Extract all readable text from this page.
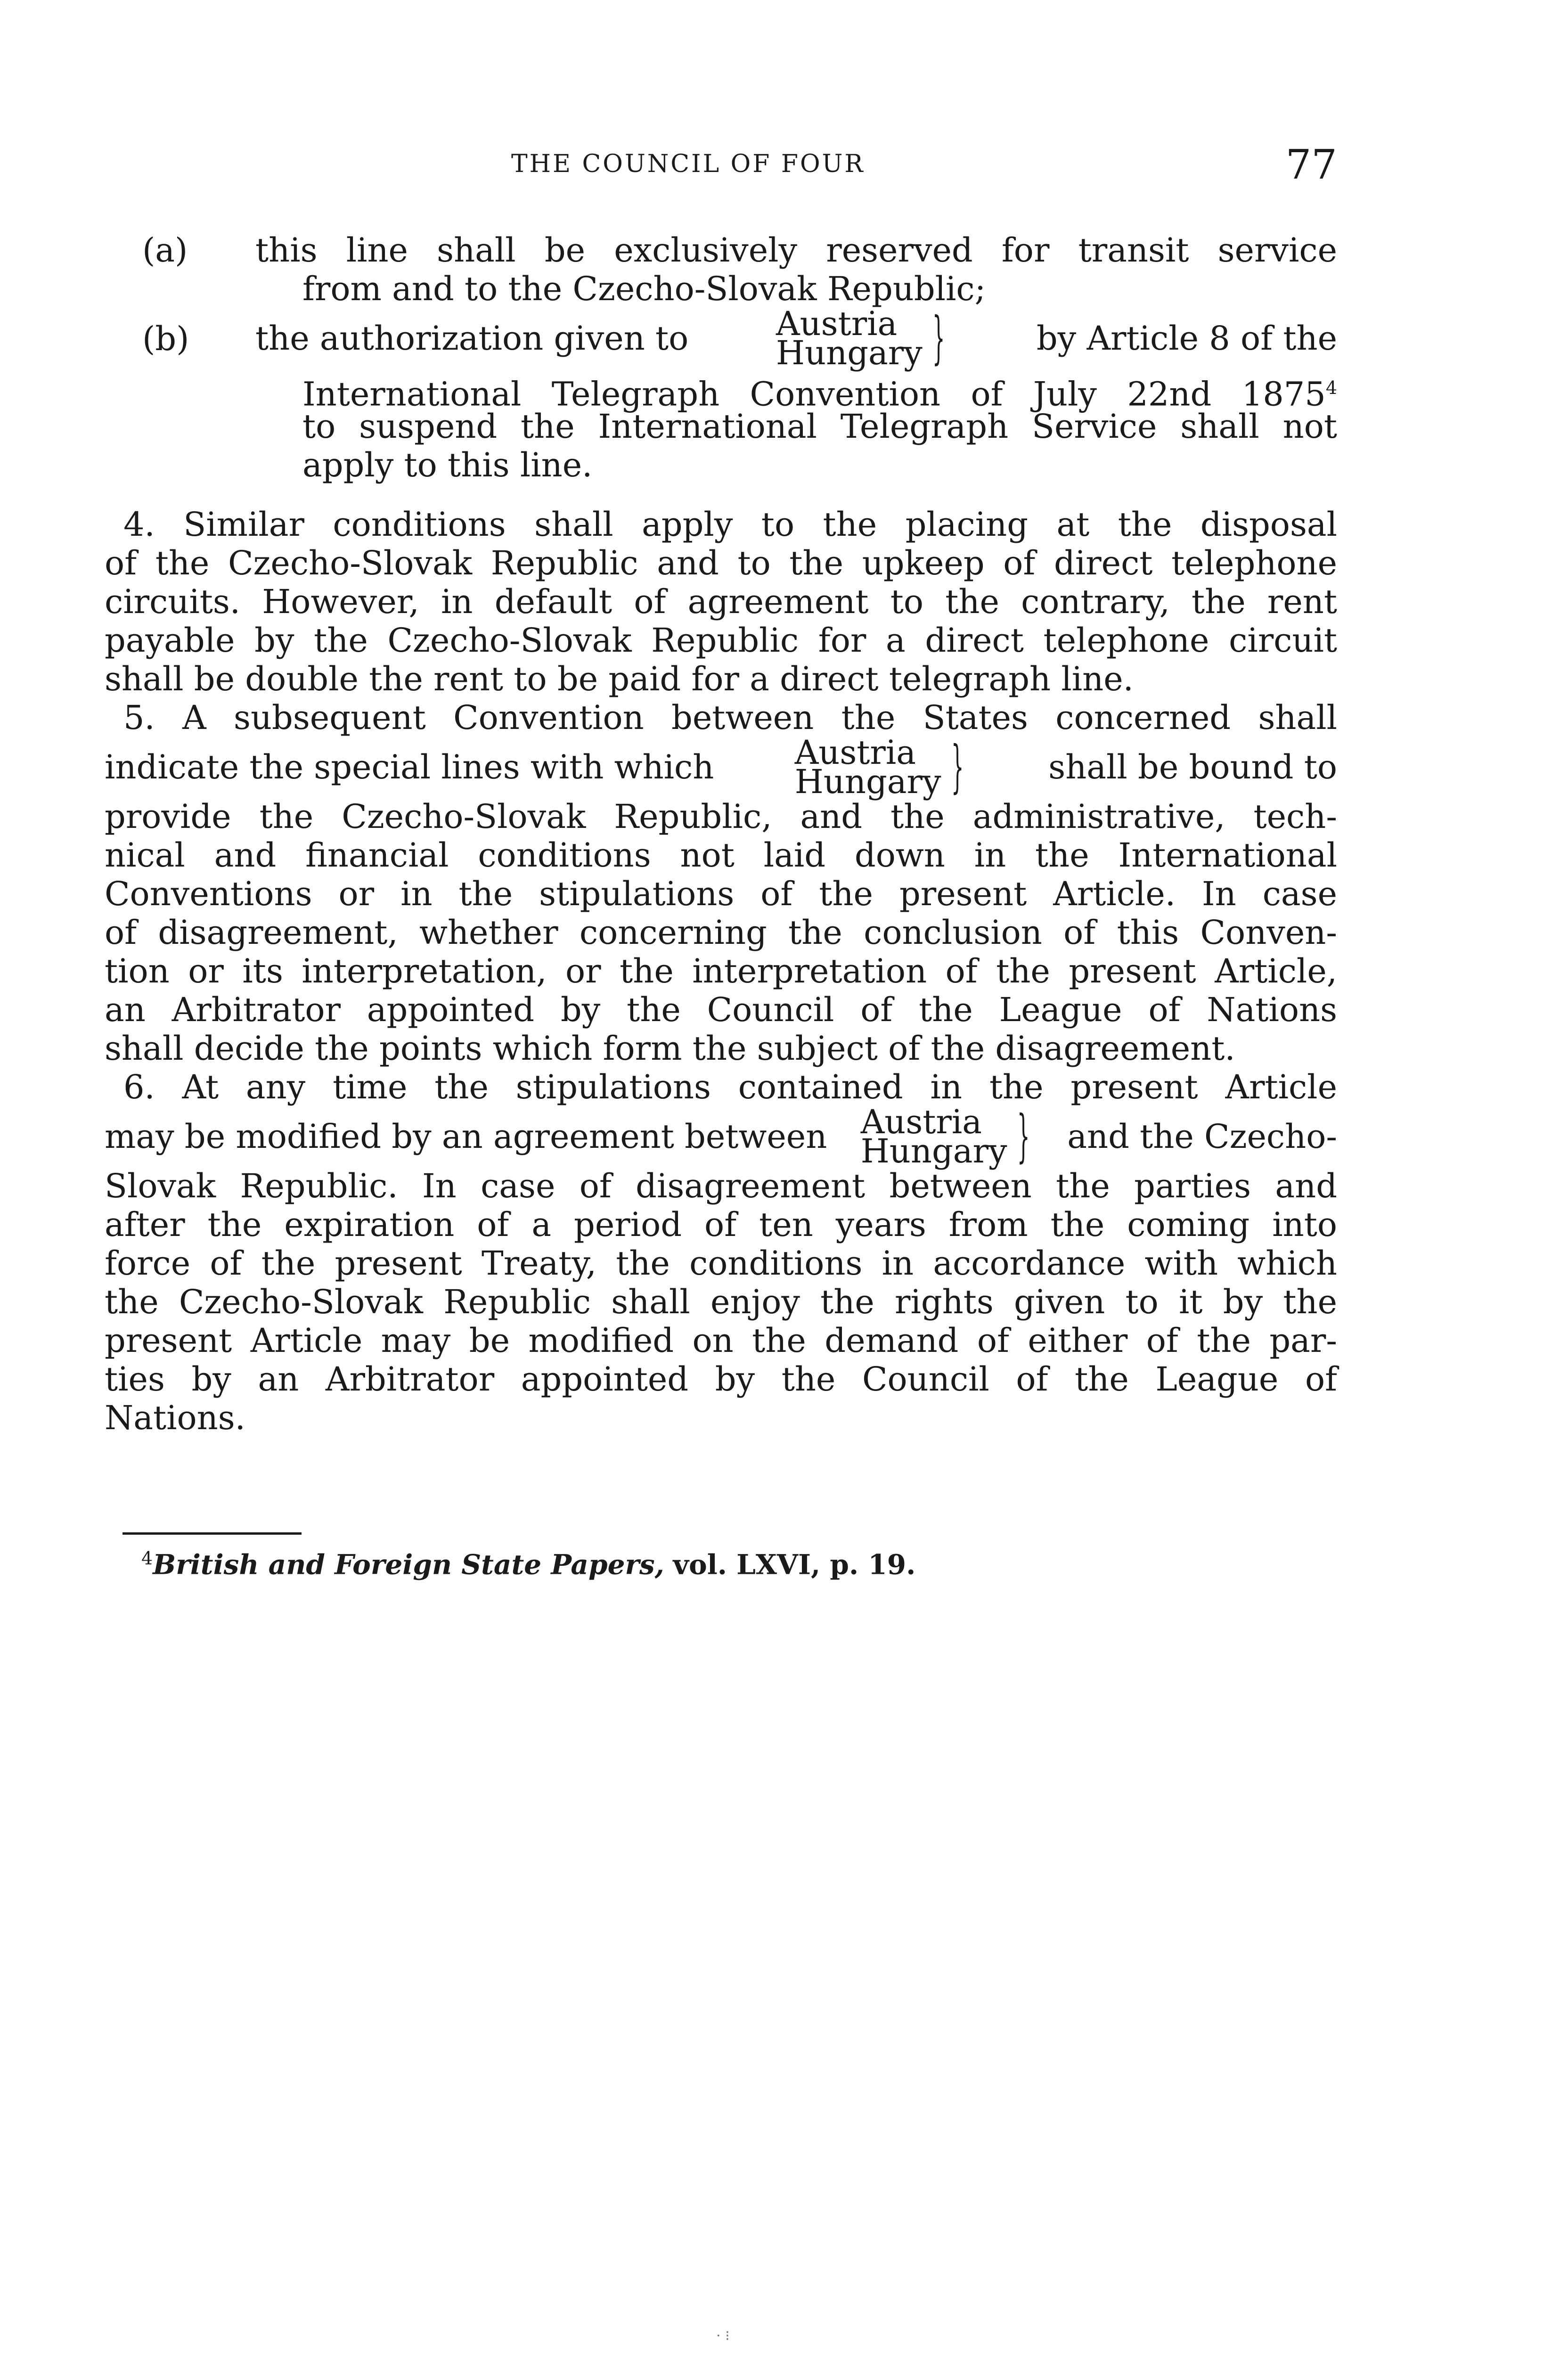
THE COUNCIL OF FOUR	77
(a) this line shall be exclusively reserved for transit service
from and to the Czecho-Slovak Republic;
(b) the authorization given to	Austria
Hungary }	by Article 8 of the
International Telegraph Convention of July 22nd 1875$^4$
to suspend the International Telegraph Service shall not
apply to this line.
4. Similar conditions shall apply to the placing at the disposal
of the Czecho-Slovak Republic and to the upkeep of direct telephone
circuits. However, in default of agreement to the contrary, the rent
payable by the Czecho-Slovak Republic for a direct telephone circuit
shall be double the rent to be paid for a direct telegraph line.
5. A subsequent Convention between the States concerned shall
indicate the special lines with which Austria
Hungary }	shall be bound to
provide the Czecho-Slovak Republic, and the administrative, tech-
nical and financial conditions not laid down in the International
Conventions or in the stipulations of the present Article. In case
of disagreement, whether concerning the conclusion of this Conven-
tion or its interpretation, or the interpretation of the present Article,
an Arbitrator appointed by the Council of the League of Nations
shall decide the points which form the subject of the disagreement.
6. At any time the stipulations contained in the present Article
may be modified by an agreement between Austria
Hungary } and the Czecho-
Slovak Republic. In case of disagreement between the parties and
after the expiration of a period of ten years from the coming into
force of the present Treaty, the conditions in accordance with which
the Czecho-Slovak Republic shall enjoy the rights given to it by the
present Article may be modified on the demand of either of the par-
ties by an Arbitrator appointed by the Council of the League of
Nations.
$^4$British and Foreign State Papers, vol. LXVI, p. 19.
· ⁝
